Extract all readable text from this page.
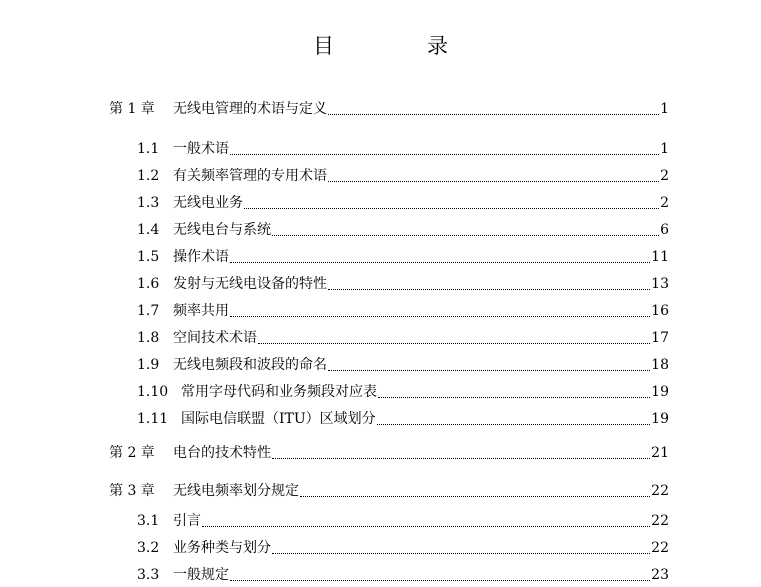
目　录
第 1 章	无线电管理的术语与定义	1
1.1 一般术语	1
1.2 有关频率管理的专用术语	2
1.3 无线电业务	2
1.4 无线电台与系统	6
1.5 操作术语	11
1.6 发射与无线电设备的特性	13
1.7 频率共用	16
1.8 空间技术术语	17
1.9 无线电频段和波段的命名	18
1.10 常用字母代码和业务频段对应表	19
1.11 国际电信联盟（ITU）区域划分	19
第 2 章	电台的技术特性	21
第 3 章	无线电频率划分规定	22
3.1 引言	22
3.2 业务种类与划分	22
3.3 一般规定	23
